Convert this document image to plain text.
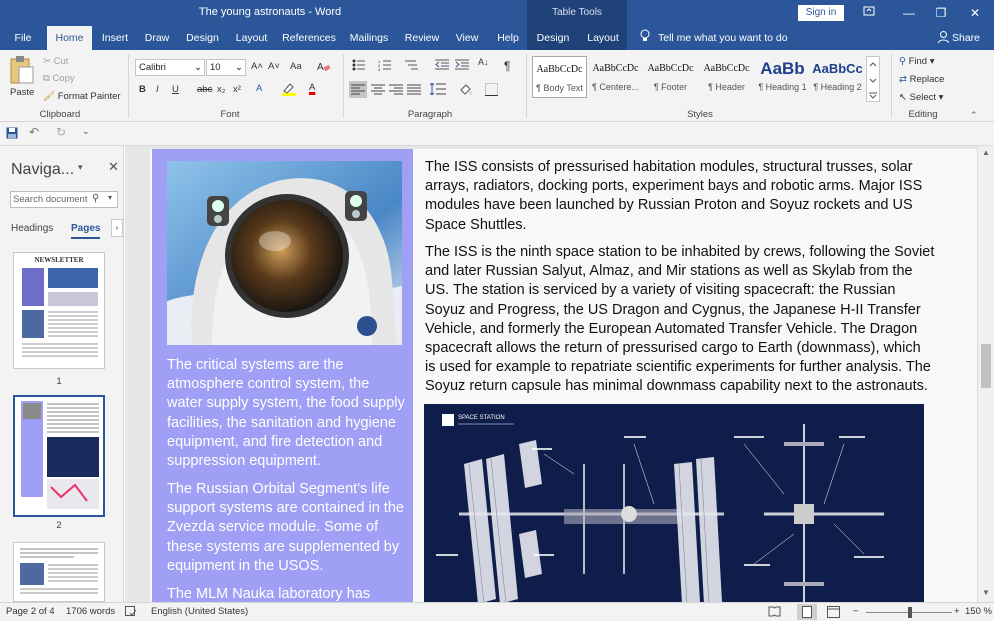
The young astronauts - Word	Table Tools	Sign in	—	❐	✕
File	Home	Insert	Draw	Design	Layout	References	Mailings	Review	View	Help	Design	Layout	Tell me what you want to do	Share
Paste
✂ Cut
⧉ Copy
🖌 Format Painter
Clipboard
Calibri	⌄ 10 ⌄ A˄ A˅ Aa A
B I U abc x₂ x² A	A
Font
1
2
3
A↓ ¶
Paragraph
AaBbCcDc
¶ Body Text
AaBbCcDc
¶ Centere...
AaBbCcDc
¶ Footer
AaBbCcDc
¶ Header
AaBb
¶ Heading 1
AaBbCc
¶ Heading 2
Styles
⚲ Find ▾
⇄ Replace
↖ Select ▾
Editing	⌃
↶ ↻ ⌄
Naviga... ▾ ✕
Search document ⚲ ▾
Headings Pages	›
NEWSLETTER
1
2
The critical systems are the atmosphere control system, the water supply system, the food supply facilities, the sanitation and hygiene equipment, and fire detection and suppression equipment.
The Russian Orbital Segment's life support systems are contained in the Zvezda service module. Some of these systems are supplemented by equipment in the USOS.
The MLM Nauka laboratory has
The ISS consists of pressurised habitation modules, structural trusses, solar arrays, radiators, docking ports, experiment bays and robotic arms. Major ISS modules have been launched by Russian Proton and Soyuz rockets and US Space Shuttles.
The ISS is the ninth space station to be inhabited by crews, following the Soviet and later Russian Salyut, Almaz, and Mir stations as well as Skylab from the US. The station is serviced by a variety of visiting spacecraft: the Russian Soyuz and Progress, the US Dragon and Cygnus, the Japanese H-II Transfer Vehicle, and formerly the European Automated Transfer Vehicle. The Dragon spacecraft allows the return of pressurised cargo to Earth (downmass), which is used for example to repatriate scientific experiments for further analysis. The Soyuz return capsule has minimal downmass capability next to the astronauts.
SPACE STATION
▲
▼
Page 2 of 4 1706 words	English (United States)	−	+ 150 %
